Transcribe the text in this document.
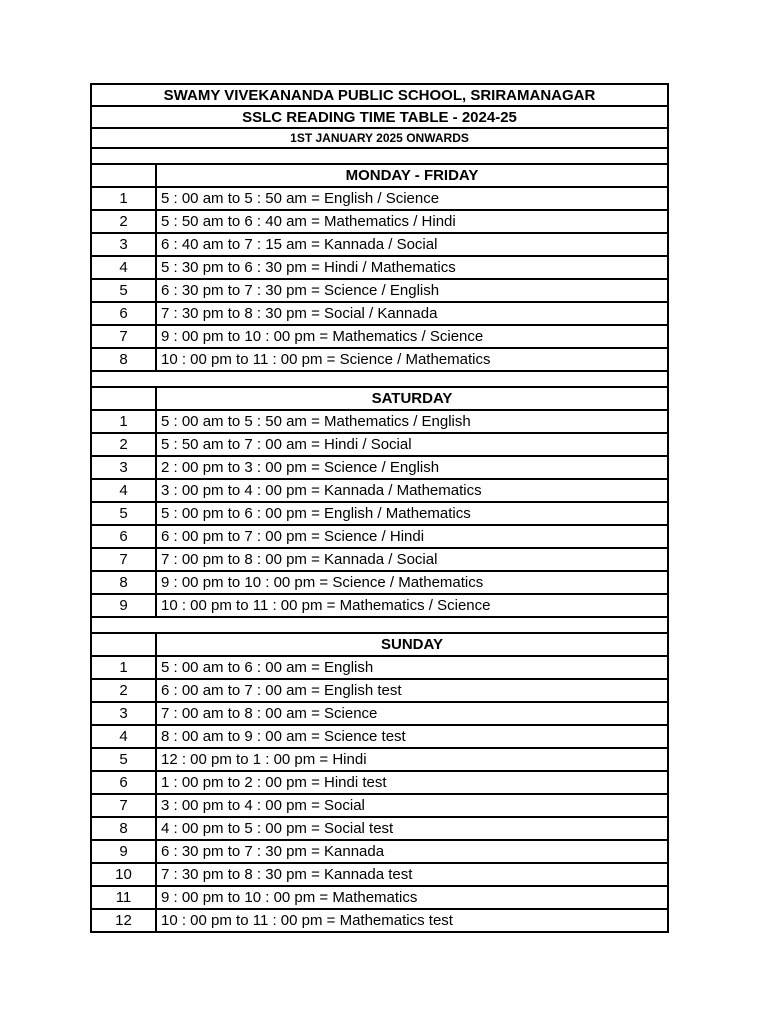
SWAMY VIVEKANANDA PUBLIC SCHOOL, SRIRAMANAGAR	
SSLC READING TIME TABLE - 2024-25	
1ST JANUARY 2025 ONWARDS	

	MONDAY - FRIDAY
1	5 : 00 am to 5 : 50 am = English / Science
2	5 : 50 am to 6 : 40 am = Mathematics / Hindi
3	6 : 40 am to 7 : 15 am = Kannada / Social
4	5 : 30 pm to 6 : 30 pm = Hindi / Mathematics
5	6 : 30 pm to 7 : 30 pm = Science / English
6	7 : 30 pm to 8 : 30 pm = Social / Kannada
7	9 : 00 pm to 10 : 00 pm = Mathematics / Science
8	10 : 00 pm to 11 : 00 pm = Science / Mathematics

	SATURDAY
1	5 : 00 am to 5 : 50 am = Mathematics / English
2	5 : 50 am to 7 : 00 am = Hindi / Social
3	2 : 00 pm to 3 : 00 pm = Science / English
4	3 : 00 pm to 4 : 00 pm = Kannada / Mathematics
5	5 : 00 pm to 6 : 00 pm = English / Mathematics
6	6 : 00 pm to 7 : 00 pm = Science / Hindi
7	7 : 00 pm to 8 : 00 pm = Kannada / Social
8	9 : 00 pm to 10 : 00 pm = Science / Mathematics
9	10 : 00 pm to 11 : 00 pm = Mathematics / Science

	SUNDAY
1	5 : 00 am to 6 : 00 am = English
2	6 : 00 am to 7 : 00 am = English test
3	7 : 00 am to 8 : 00 am = Science
4	8 : 00 am to 9 : 00 am = Science test
5	12 : 00 pm to 1 : 00 pm = Hindi
6	1 : 00 pm to 2 : 00 pm = Hindi test
7	3 : 00 pm to 4 : 00 pm = Social
8	4 : 00 pm to 5 : 00 pm = Social test
9	6 : 30 pm to 7 : 30 pm = Kannada
10	7 : 30 pm to 8 : 30 pm = Kannada test
11	9 : 00 pm to 10 : 00 pm = Mathematics
12	10 : 00 pm to 11 : 00 pm = Mathematics test
